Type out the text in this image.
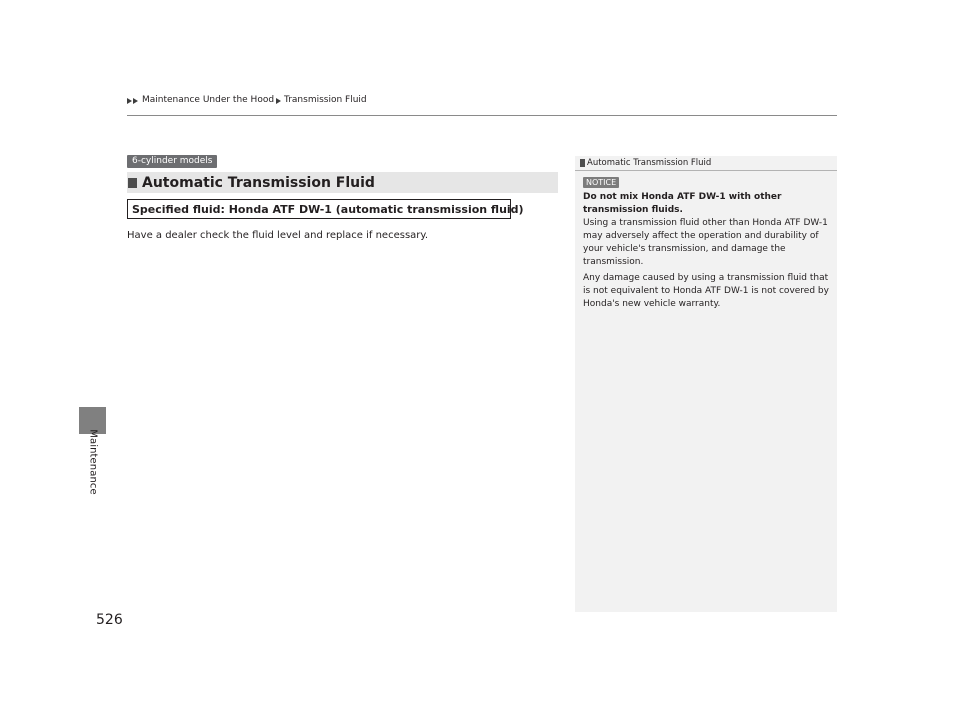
Maintenance Under the Hood Transmission Fluid
Maintenance
526
6-cylinder models
Automatic Transmission Fluid
Specified fluid: Honda ATF DW-1 (automatic transmission fluid)
Have a dealer check the fluid level and replace if necessary.
Automatic Transmission Fluid
NOTICE
Do not mix Honda ATF DW-1 with other transmission fluids.
Using a transmission fluid other than Honda ATF DW-1 may adversely affect the operation and durability of your vehicle's transmission, and damage the transmission.
Any damage caused by using a transmission fluid that is not equivalent to Honda ATF DW-1 is not covered by Honda's new vehicle warranty.
